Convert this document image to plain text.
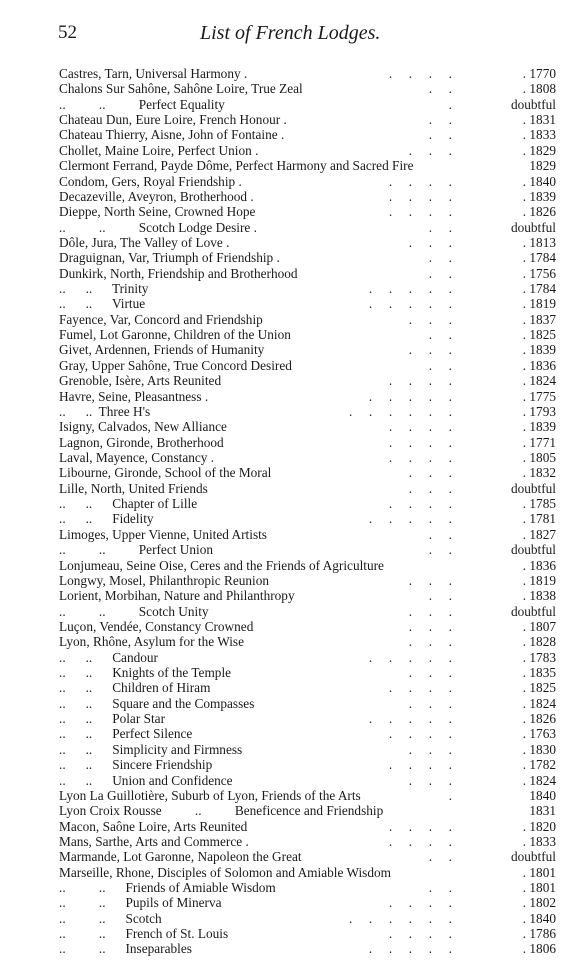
52	List of French Lodges.
Castres, Tarn, Universal Harmony .	.     .     .     .	. 1770
Chalons Sur Sahône, Sahône Loire, True Zeal	.     .	. 1808
..          ..          Perfect Equality	.	doubtful
Chateau Dun, Eure Loire, French Honour .	.     .	. 1831
Chateau Thierry, Aisne, John of Fontaine .	.     .	. 1833
Chollet, Maine Loire, Perfect Union .	.     .     .	. 1829
Clermont Ferrand, Payde Dôme, Perfect Harmony and Sacred Fire	1829
Condom, Gers, Royal Friendship .	.     .     .     .	. 1840
Decazeville, Aveyron, Brotherhood .	.     .     .     .	. 1839
Dieppe, North Seine, Crowned Hope	.     .     .     .	. 1826
..          ..          Scotch Lodge Desire .	.     .	doubtful
Dôle, Jura, The Valley of Love .	.     .     .	. 1813
Draguignan, Var, Triumph of Friendship .	.     .	. 1784
Dunkirk, North, Friendship and Brotherhood	.     .	. 1756
..      ..      Trinity	.     .     .     .     .	. 1784
..      ..      Virtue	.     .     .     .     .	. 1819
Fayence, Var, Concord and Friendship	.     .     .	. 1837
Fumel, Lot Garonne, Children of the Union	.     .	. 1825
Givet, Ardennen, Friends of Humanity	.     .     .	. 1839
Gray, Upper Sahône, True Concord Desired	.     .	. 1836
Grenoble, Isère, Arts Reunited	.     .     .     .	. 1824
Havre, Seine, Pleasantness .	.     .     .     .     .	. 1775
..      ..  Three H's	.     .     .     .     .     .	. 1793
Isigny, Calvados, New Alliance	.     .     .     .	. 1839
Lagnon, Gironde, Brotherhood	.     .     .     .	. 1771
Laval, Mayence, Constancy .	.     .     .     .	. 1805
Libourne, Gironde, School of the Moral	.     .     .	. 1832
Lille, North, United Friends	.     .     .	doubtful
..      ..      Chapter of Lille	.     .     .     .	. 1785
..      ..      Fidelity	.     .     .     .     .	. 1781
Limoges, Upper Vienne, United Artists	.     .	. 1827
..          ..          Perfect Union	.     .	doubtful
Lonjumeau, Seine Oise, Ceres and the Friends of Agriculture	. 1836
Longwy, Mosel, Philanthropic Reunion	.     .     .	. 1819
Lorient, Morbihan, Nature and Philanthropy	.     .	. 1838
..          ..          Scotch Unity	.     .     .	doubtful
Luçon, Vendée, Constancy Crowned	.     .     .	. 1807
Lyon, Rhône, Asylum for the Wise	.     .     .	. 1828
..      ..      Candour	.     .     .     .     .	. 1783
..      ..      Knights of the Temple	.     .     .	. 1835
..      ..      Children of Hiram	.     .     .     .	. 1825
..      ..      Square and the Compasses	.     .     .	. 1824
..      ..      Polar Star	.     .     .     .     .	. 1826
..      ..      Perfect Silence	.     .     .     .	. 1763
..      ..      Simplicity and Firmness	.     .     .	. 1830
..      ..      Sincere Friendship	.     .     .     .	. 1782
..      ..      Union and Confidence	.     .     .	. 1824
Lyon La Guillotière, Suburb of Lyon, Friends of the Arts	.	1840
Lyon Croix Rousse          ..          Beneficence and Friendship	1831
Macon, Saône Loire, Arts Reunited	.     .     .     .	. 1820
Mans, Sarthe, Arts and Commerce .	.     .     .     .	. 1833
Marmande, Lot Garonne, Napoleon the Great	.     .	doubtful
Marseille, Rhone, Disciples of Solomon and Amiable Wisdom	. 1801
..          ..      Friends of Amiable Wisdom	.     .	. 1801
..          ..      Pupils of Minerva	.     .     .     .	. 1802
..          ..      Scotch	.     .     .     .     .     .	. 1840
..          ..      French of St. Louis	.     .     .     .	. 1786
..          ..      Inseparables	.     .     .     .     .	. 1806
